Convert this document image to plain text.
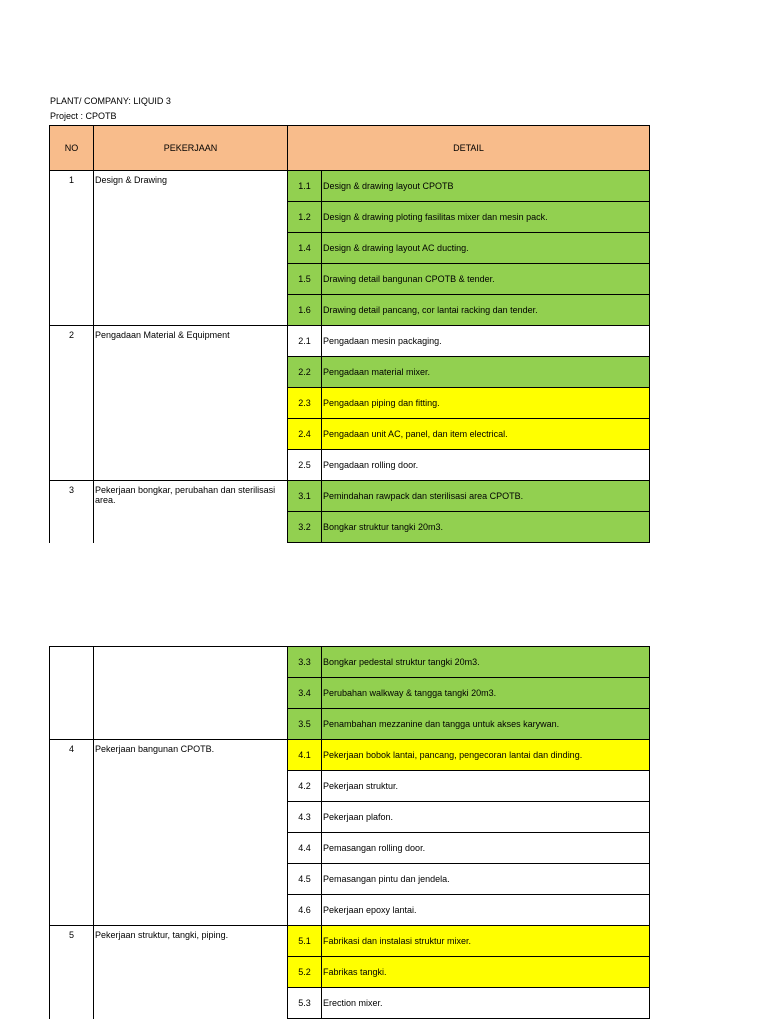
PLANT/ COMPANY: LIQUID 3
Project : CPOTB
NO	PEKERJAAN	DETAIL	
1	Design & Drawing	1.1	Design & drawing layout CPOTB
		1.2	Design & drawing ploting fasilitas mixer dan mesin pack.
		1.4	Design & drawing layout AC ducting.
		1.5	Drawing detail bangunan CPOTB & tender.
		1.6	Drawing detail pancang, cor lantai racking dan tender.
2	Pengadaan Material & Equipment	2.1	Pengadaan mesin packaging.
		2.2	Pengadaan material mixer.
		2.3	Pengadaan piping dan fitting.
		2.4	Pengadaan unit AC, panel, dan item electrical.
		2.5	Pengadaan rolling door.
3	Pekerjaan bongkar, perubahan dan sterilisasi area.	3.1	Pemindahan rawpack dan sterilisasi area CPOTB.
		3.2	Bongkar struktur tangki 20m3.
		3.3	Bongkar pedestal struktur tangki 20m3.
		3.4	Perubahan walkway & tangga tangki 20m3.
		3.5	Penambahan mezzanine dan tangga untuk akses karywan.
4	Pekerjaan bangunan CPOTB.	4.1	Pekerjaan bobok lantai, pancang, pengecoran lantai dan dinding.
		4.2	Pekerjaan struktur.
		4.3	Pekerjaan plafon.
		4.4	Pemasangan rolling door.
		4.5	Pemasangan pintu dan jendela.
		4.6	Pekerjaan epoxy lantai.
5	Pekerjaan struktur, tangki, piping.	5.1	Fabrikasi dan instalasi struktur mixer.
		5.2	Fabrikas tangki.
		5.3	Erection mixer.
